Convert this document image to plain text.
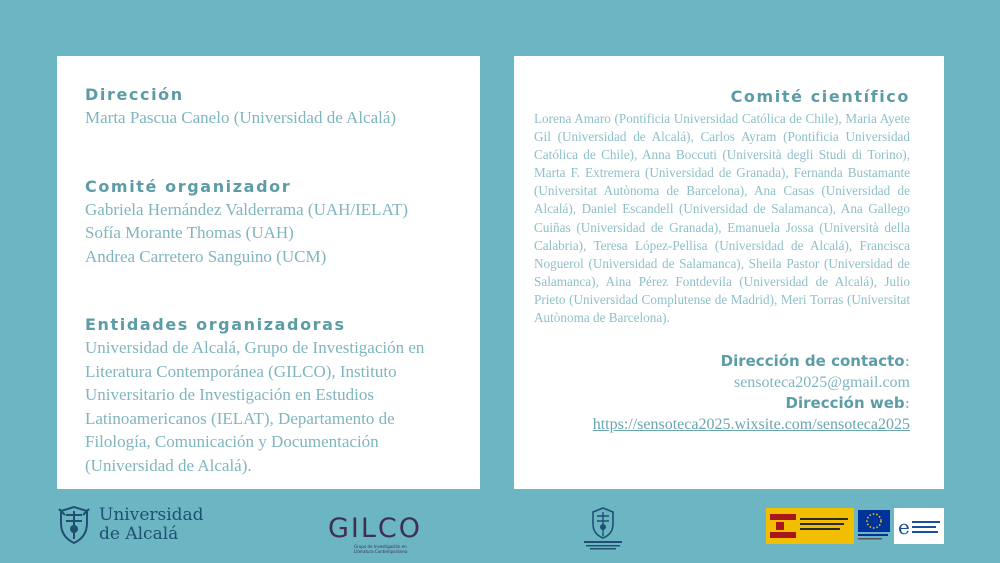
Dirección
Marta Pascua Canelo (Universidad de Alcalá)
Comité organizador
Gabriela Hernández Valderrama (UAH/IELAT)
Sofía Morante Thomas (UAH)
Andrea Carretero Sanguino (UCM)
Entidades organizadoras
Universidad de Alcalá, Grupo de Investigación en Literatura Contemporánea (GILCO), Instituto Universitario de Investigación en Estudios Latinoamericanos (IELAT), Departamento de Filología, Comunicación y Documentación (Universidad de Alcalá).
Comité científico
Lorena Amaro (Pontificia Universidad Católica de Chile), Maria Ayete Gil (Universidad de Alcalá), Carlos Ayram (Pontificia Universidad Católica de Chile), Anna Boccuti (Università degli Studi di Torino), Marta F. Extremera (Universidad de Granada), Fernanda Bustamante (Universitat Autònoma de Barcelona), Ana Casas (Universidad de Alcalá), Daniel Escandell (Universidad de Salamanca), Ana Gallego Cuiñas (Universidad de Granada), Emanuela Jossa (Università della Calabria), Teresa López-Pellisa (Universidad de Alcalá), Francisca Noguerol (Universidad de Salamanca), Sheila Pastor (Universidad de Salamanca), Aina Pérez Fontdevila (Universidad de Alcalá), Julio Prieto (Universidad Complutense de Madrid), Meri Torras (Universitat Autònoma de Barcelona).
Dirección de contacto:
sensoteca2025@gmail.com
Dirección web:
https://sensoteca2025.wixsite.com/sensoteca2025
Universidad
de Alcalá	GILCO
Grupo de Investigación en Literatura Contemporánea
e
